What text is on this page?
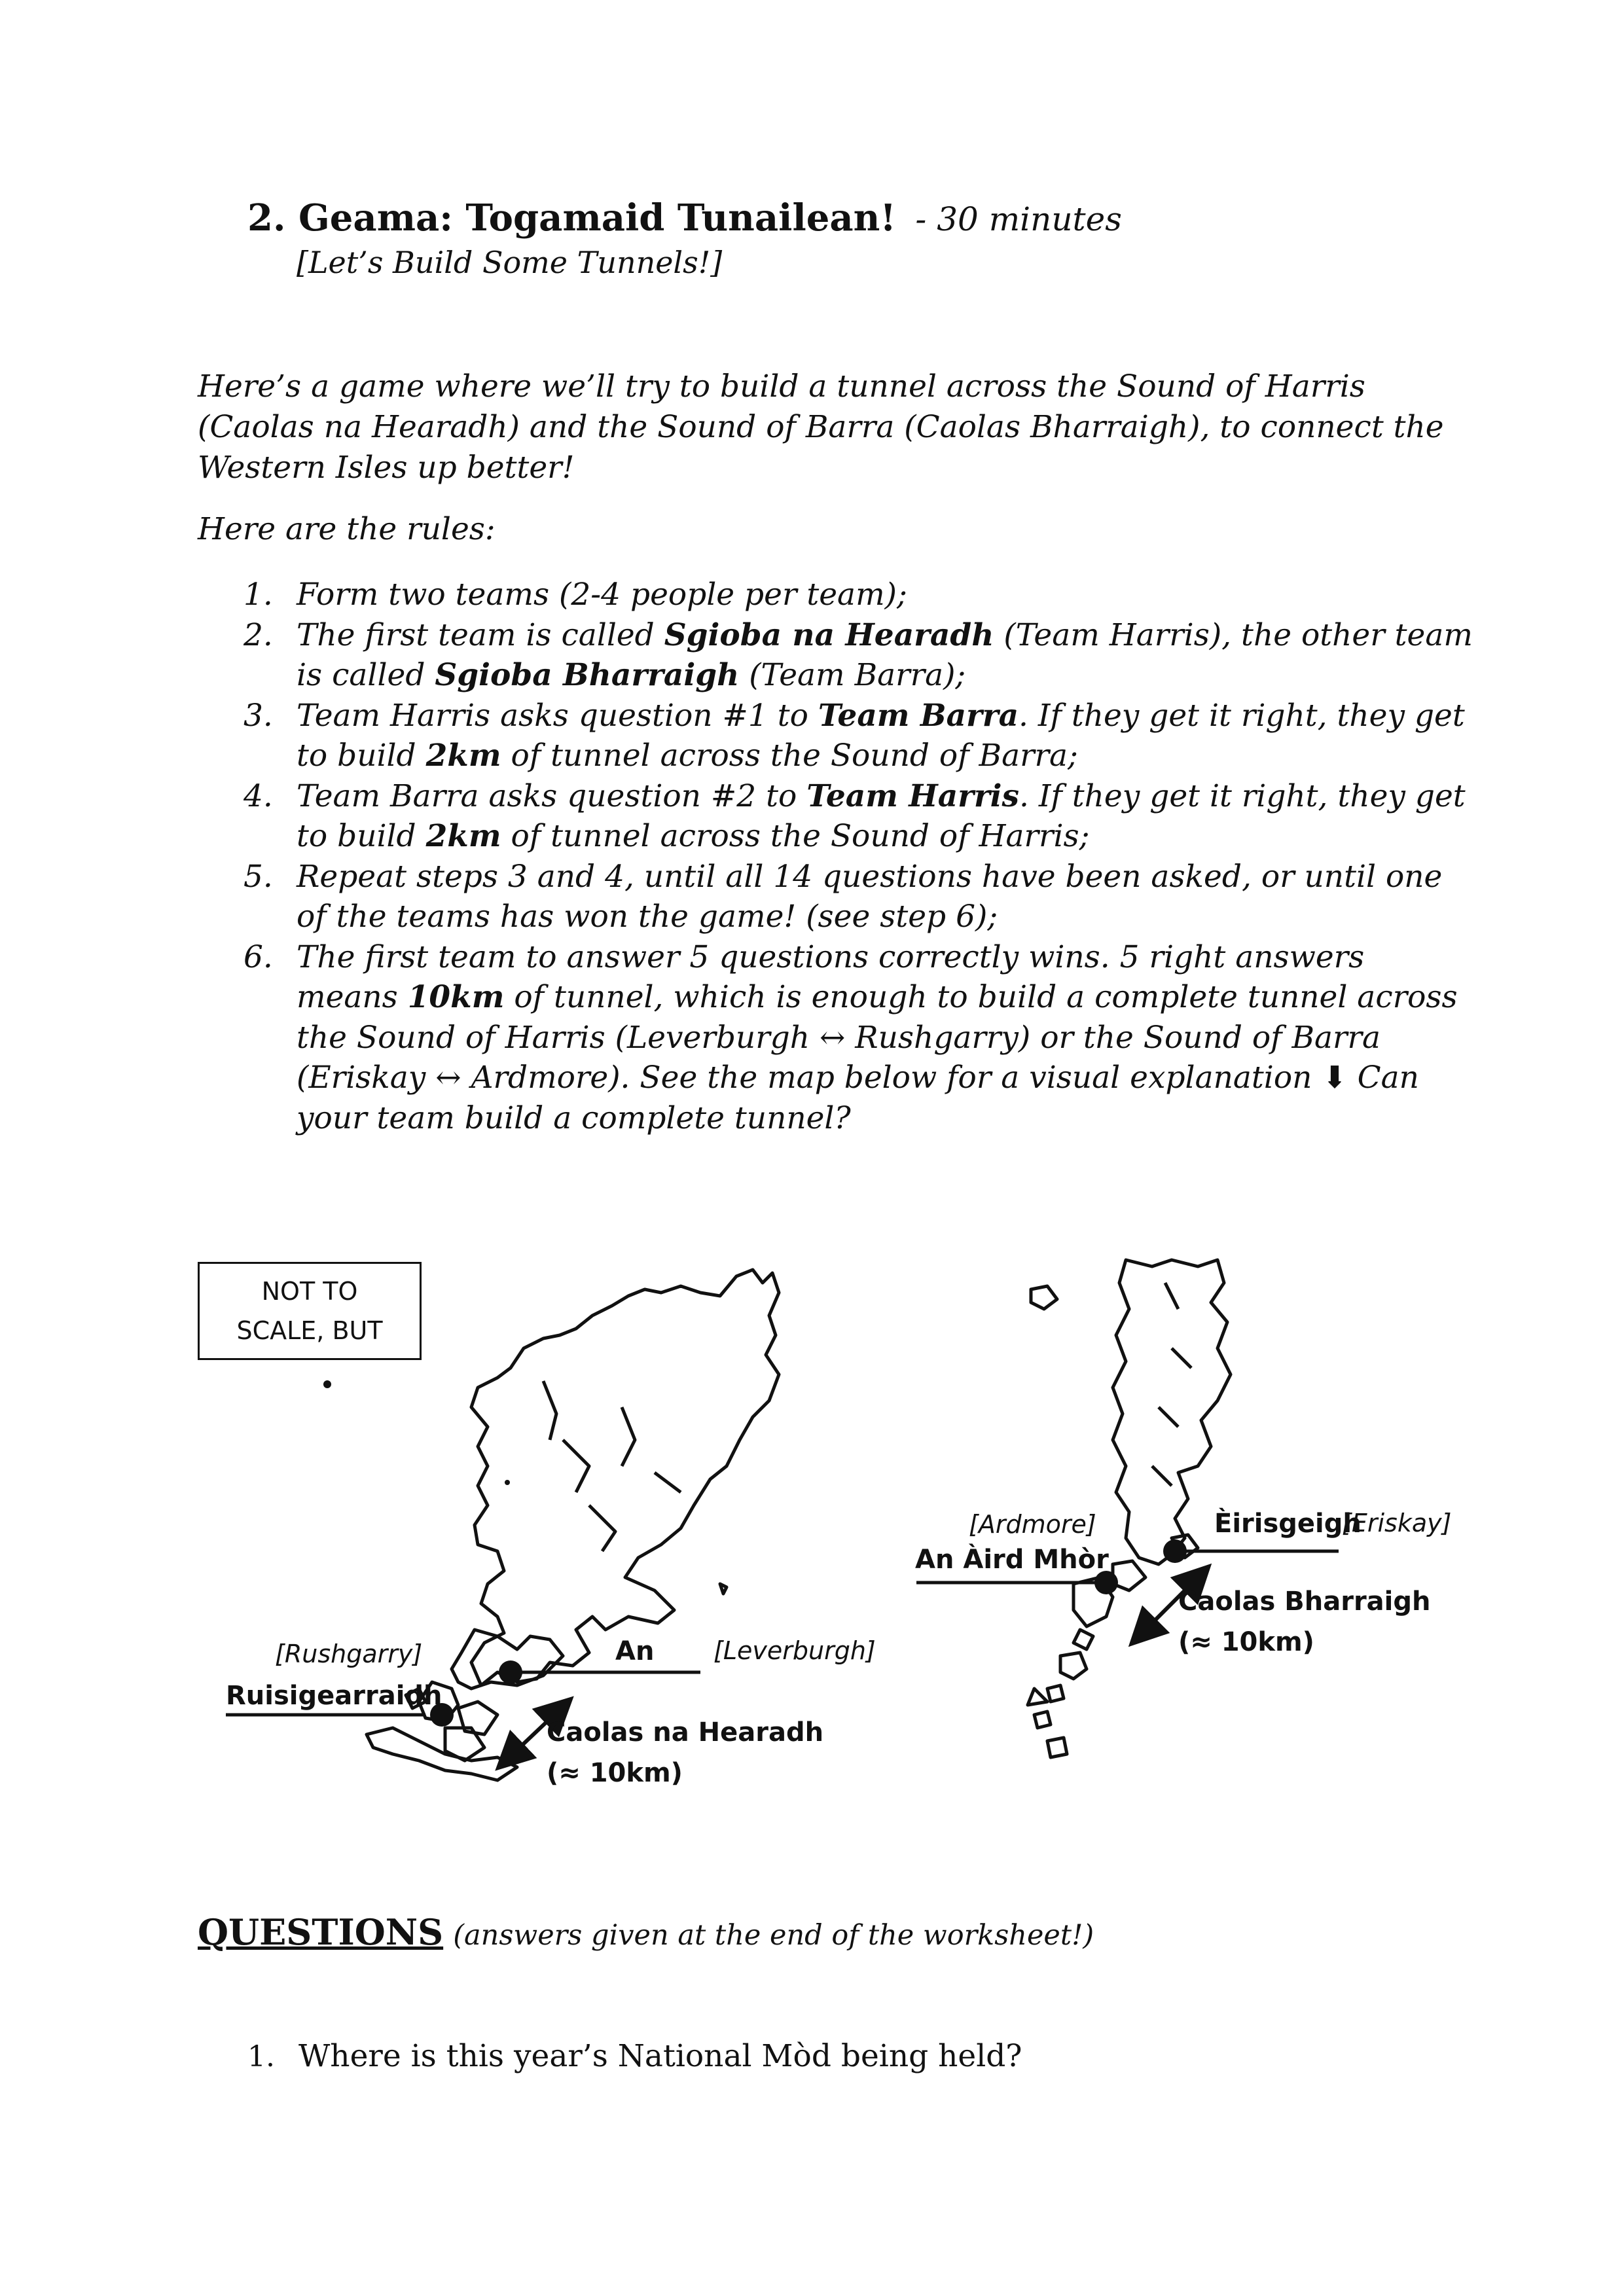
2. Geama: Togamaid Tunailean! - 30 minutes
[Let’s Build Some Tunnels!]
Here’s a game where we’ll try to build a tunnel across the Sound of Harris (Caolas na Hearadh) and the Sound of Barra (Caolas Bharraigh), to connect the Western Isles up better!
Here are the rules:
1. Form two teams (2-4 people per team);
2. The first team is called Sgioba na Hearadh (Team Harris), the other team is called Sgioba Bharraigh (Team Barra);
3. Team Harris asks question #1 to Team Barra. If they get it right, they get to build 2km of tunnel across the Sound of Barra;
4. Team Barra asks question #2 to Team Harris. If they get it right, they get to build 2km of tunnel across the Sound of Harris;
5. Repeat steps 3 and 4, until all 14 questions have been asked, or until one of the teams has won the game! (see step 6);
6. The first team to answer 5 questions correctly wins. 5 right answers means 10km of tunnel, which is enough to build a complete tunnel across the Sound of Harris (Leverburgh ↔ Rushgarry) or the Sound of Barra (Eriskay ↔ Ardmore). See the map below for a visual explanation ⬇ Can your team build a complete tunnel?
NOT TO
SCALE, BUT
[Rushgarry]
Ruisigearraidh
An [Leverburgh]
Caolas na Hearadh
(≈ 10km)
[Ardmore]
An Àird Mhòr
Èirisgeigh
[Eriskay]
Caolas Bharraigh
(≈ 10km)
QUESTIONS (answers given at the end of the worksheet!)
1. Where is this year’s National Mòd being held?
